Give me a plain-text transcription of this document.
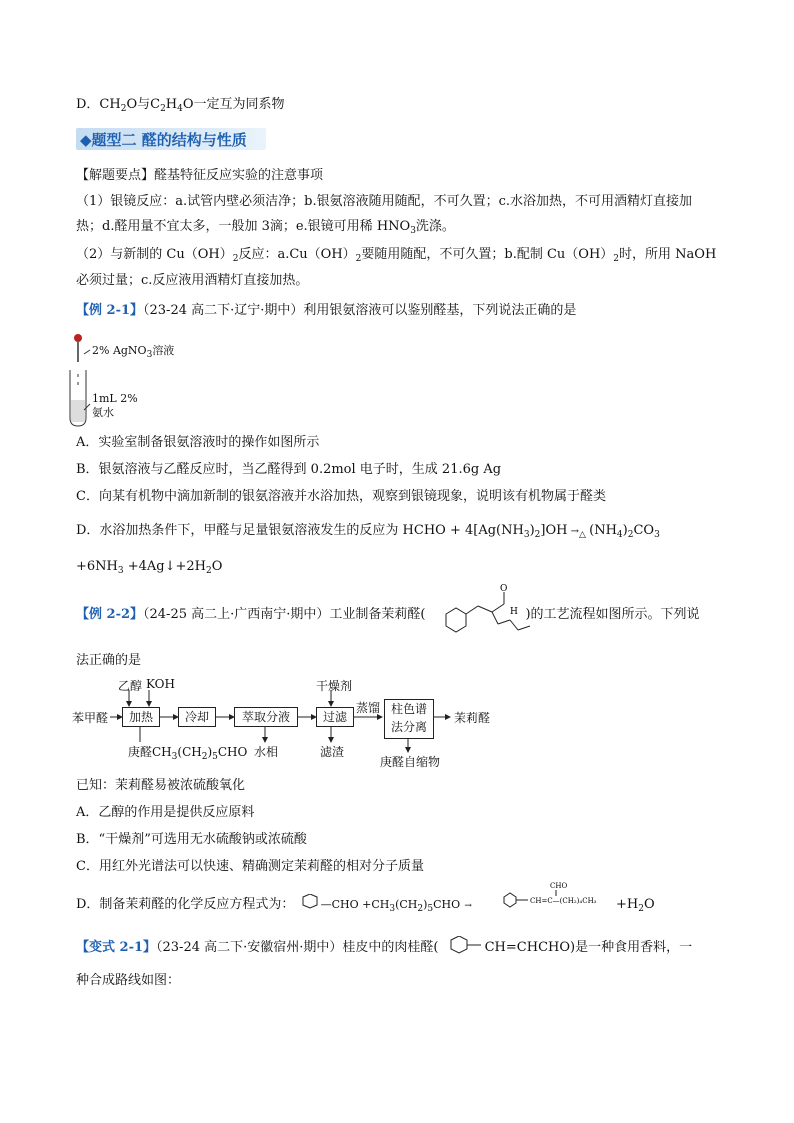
D．$CH_2O$与$C_2H_4O$一定互为同系物
◆题型二 醛的结构与性质
【解题要点】醛基特征反应实验的注意事项
（1）银镜反应：a.试管内壁必须洁净；b.银氨溶液随用随配，不可久置；c.水浴加热，不可用酒精灯直接加
热；d.醛用量不宜太多，一般加 3滴；e.银镜可用稀 $HNO_3$洗涤。
（2）与新制的 $Cu(OH)_2$反应：$a.Cu(OH)_2$要随用随配，不可久置；b.配制 $Cu(OH)_2$时，所用 NaOH
必须过量；c.反应液用酒精灯直接加热。
【例 2-1】（23-24 高二下·辽宁·期中）利用银氨溶液可以鉴别醛基，下列说法正确的是
2% AgNO$_3$溶液
1mL 2%
氨水
A．实验室制备银氨溶液时的操作如图所示
B．银氨溶液与乙醛反应时，当乙醛得到 0.2mol 电子时，生成 21.6g Ag
C．向某有机物中滴加新制的银氨溶液并水浴加热，观察到银镜现象，说明该有机物属于醛类
D．水浴加热条件下，甲醛与足量银氨溶液发生的反应为 HCHO + $4[Ag(NH_3)_2]OH$ →△ $(NH_4)_2CO_3$
$+6NH_3$ $+4Ag↓+2H_2O$
【例 2-2】（24-25 高二上·广西南宁·期中）工业制备茉莉醛(	)的工艺流程如图所示。下列说
O
H
法正确的是
苯甲醛
乙醇 KOH
加热	冷却	萃取分液	过滤
柱色谱
法分离
茉莉醛
干燥剂
蒸馏
庚醛$CH_3(CH_2)_5CHO$ 水相	滤渣
庚醛自缩物
已知：茉莉醛易被浓硫酸氧化
A．乙醇的作用是提供反应原料
B．“干燥剂”可选用无水硫酸钠或浓硫酸
C．用红外光谱法可以快速、精确测定茉莉醛的相对分子质量
D．制备茉莉醛的化学反应方程式为： —CHO $+CH_3(CH_2)_5CHO$ →	$+H_2O$
CH=C—(CH₂)₄CH₃
CHO
【变式 2-1】（23-24 高二下·安徽宿州·期中）桂皮中的肉桂醛(	CH=CHCHO)是一种食用香料，一
种合成路线如图：
